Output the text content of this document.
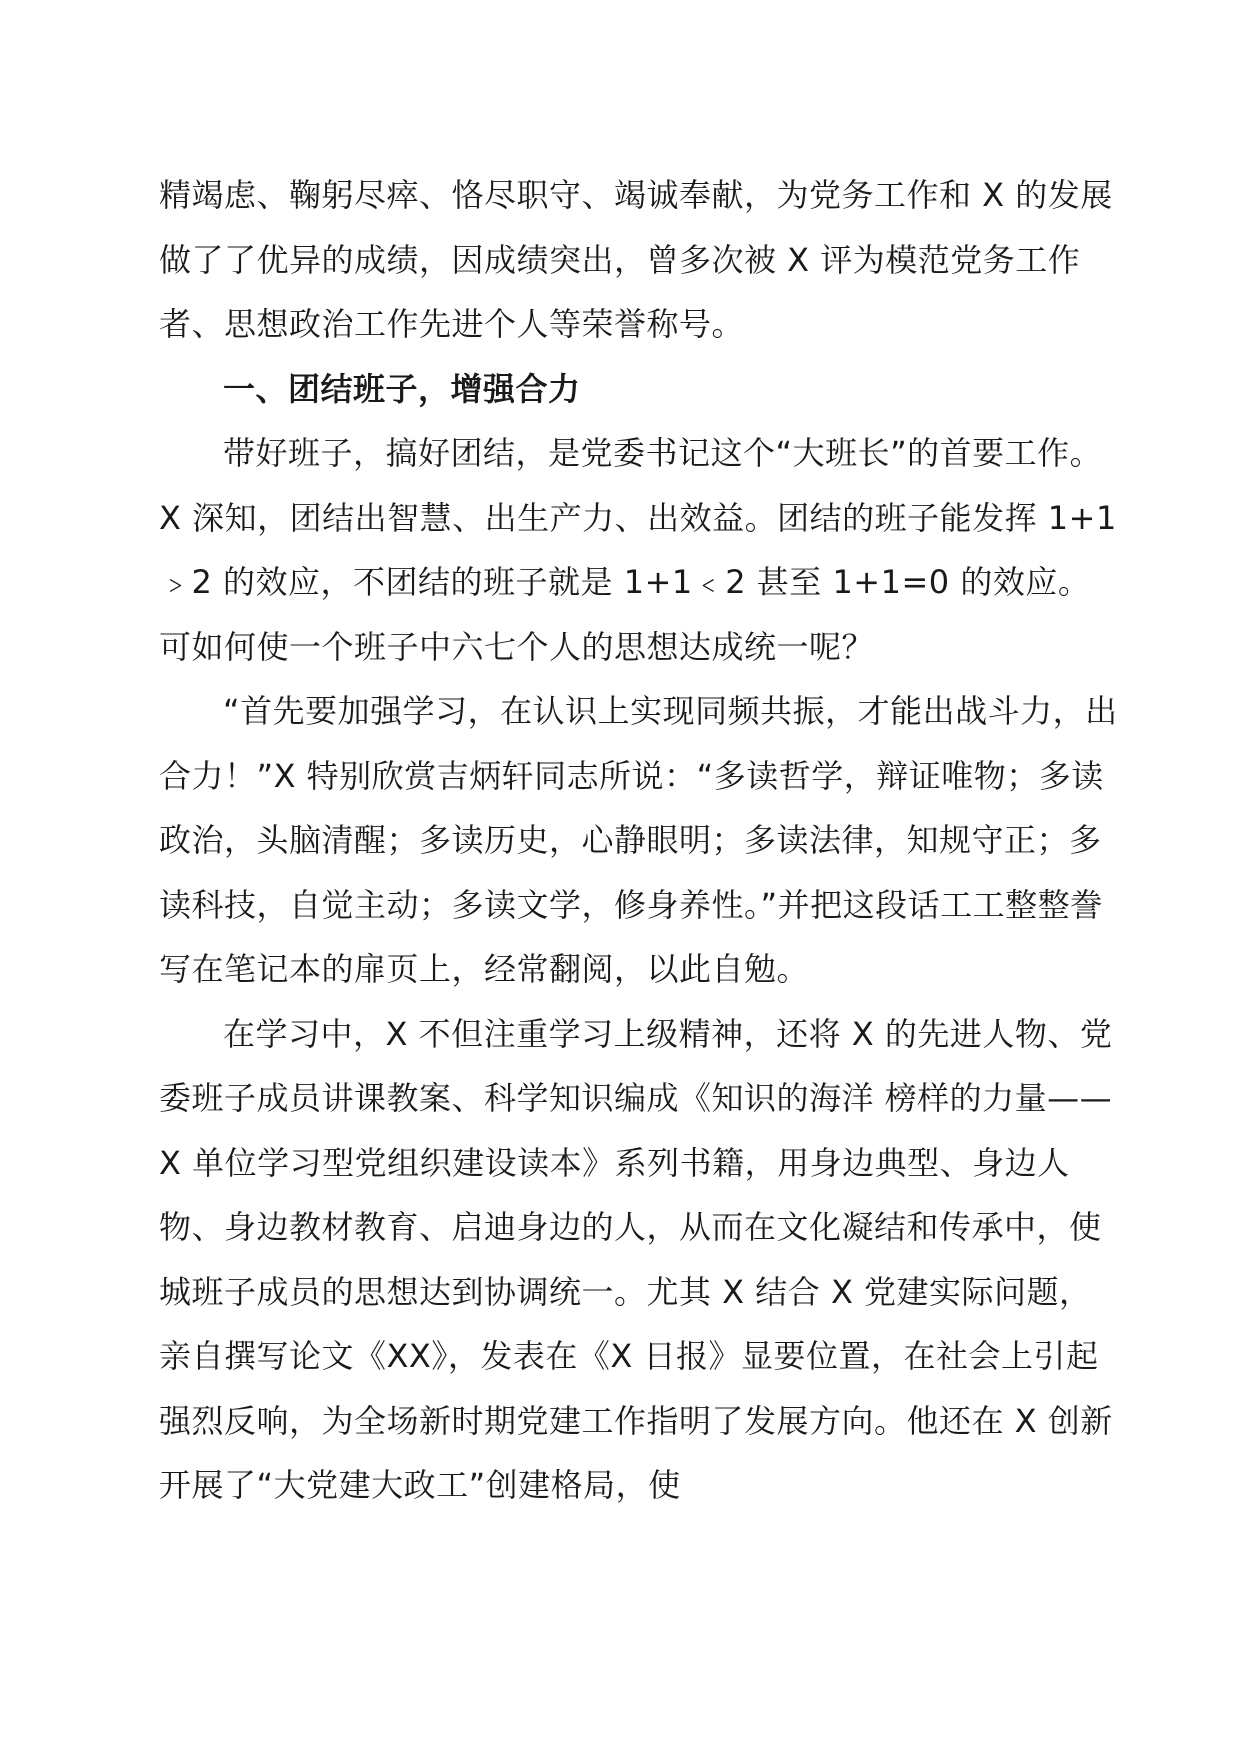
精竭虑、鞠躬尽瘁、恪尽职守、竭诚奉献，为党务工作和 X 的发展做了了优异的成绩，因成绩突出，曾多次被 X 评为模范党务工作者、思想政治工作先进个人等荣誉称号。

一、团结班子，增强合力

带好班子，搞好团结，是党委书记这个“大班长”的首要工作。X 深知，团结出智慧、出生产力、出效益。团结的班子能发挥 1+1﹥2 的效应，不团结的班子就是 1+1﹤2 甚至 1+1=0 的效应。可如何使一个班子中六七个人的思想达成统一呢？

“首先要加强学习，在认识上实现同频共振，才能出战斗力，出合力！”X 特别欣赏吉炳轩同志所说：“多读哲学，辩证唯物；多读政治，头脑清醒；多读历史，心静眼明；多读法律，知规守正；多读科技，自觉主动；多读文学，修身养性。”并把这段话工工整整誊写在笔记本的扉页上，经常翻阅，以此自勉。

在学习中，X 不但注重学习上级精神，还将 X 的先进人物、党委班子成员讲课教案、科学知识编成《知识的海洋 榜样的力量——X 单位学习型党组织建设读本》系列书籍，用身边典型、身边人物、身边教材教育、启迪身边的人，从而在文化凝结和传承中，使城班子成员的思想达到协调统一。尤其 X 结合 X 党建实际问题，亲自撰写论文《XX》，发表在《X 日报》显要位置，在社会上引起强烈反响，为全场新时期党建工作指明了发展方向。他还在 X 创新开展了“大党建大政工”创建格局，使
